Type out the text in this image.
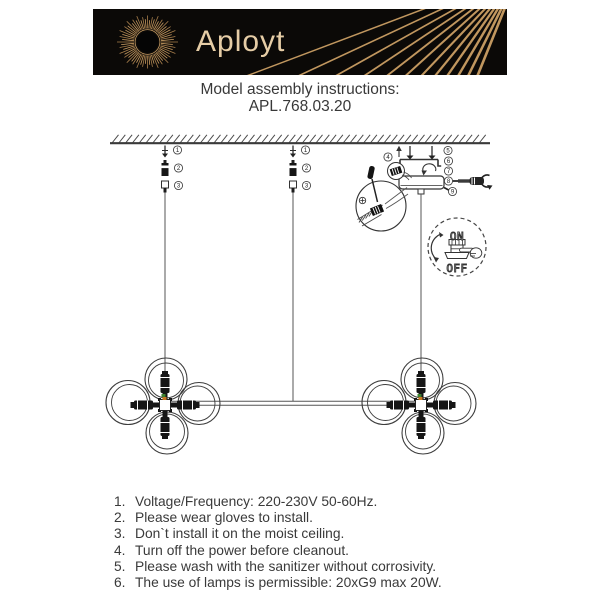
Aployt
Model assembly instructions:
APL.768.03.20
ON
OFF
1
2
3
1
2
3
4
5
6
7
8
9
1. Voltage/Frequency: 220-230V 50-60Hz.
2. Please wear gloves to install.
3. Don`t install it on the moist ceiling.
4. Turn off the power before cleanout.
5. Please wash with the sanitizer without corrosivity.
6. The use of lamps is permissible: 20xG9 max 20W.
